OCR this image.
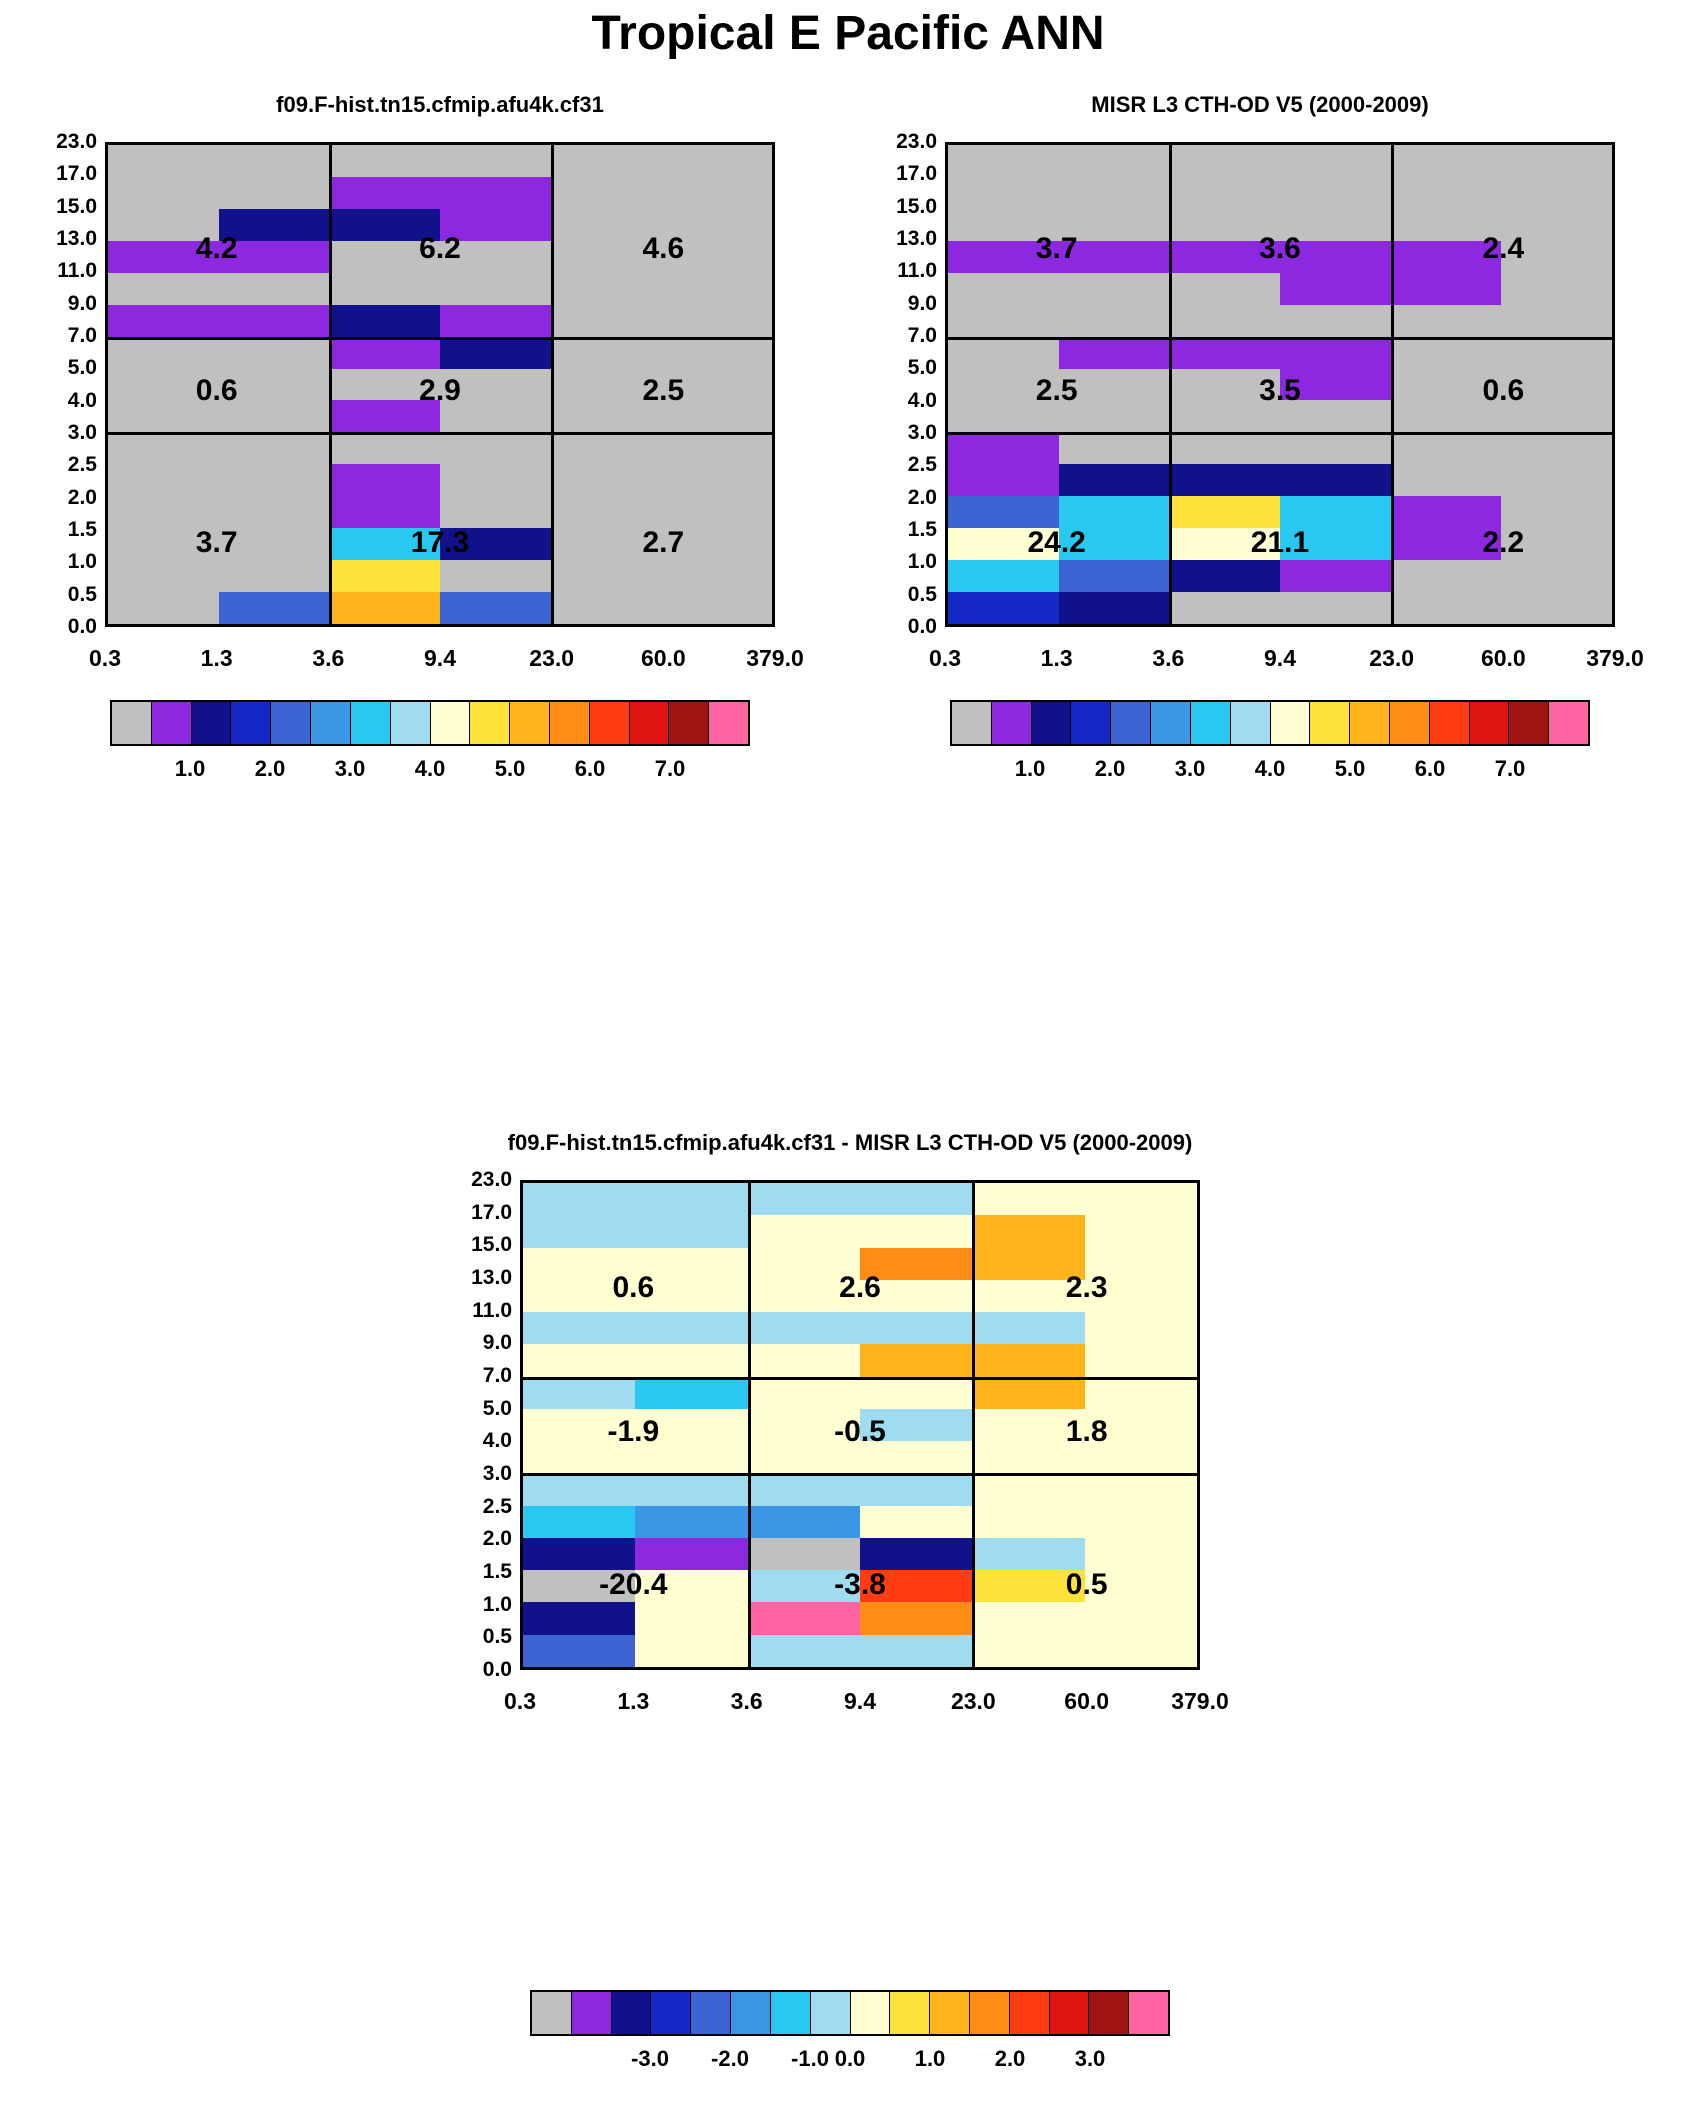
Tropical E Pacific ANN
f09.F-hist.tn15.cfmip.afu4k.cf31
0.0
0.5
1.0
1.5
2.0
2.5
3.0
4.0
5.0
7.0
9.0
11.0
13.0
15.0
17.0
23.0
0.3	1.3	3.6	9.4	23.0	60.0	379.0
4.2	6.2	4.6
0.6	2.9	2.5
3.7	17.3	2.7
1.0 2.0 3.0 4.0 5.0 6.0 7.0
MISR L3 CTH-OD V5 (2000-2009)
0.0
0.5
1.0
1.5
2.0
2.5
3.0
4.0
5.0
7.0
9.0
11.0
13.0
15.0
17.0
23.0
0.3	1.3	3.6	9.4	23.0	60.0	379.0
3.7	3.6	2.4
2.5	3.5	0.6
24.2	21.1	2.2
1.0 2.0 3.0 4.0 5.0 6.0 7.0
f09.F-hist.tn15.cfmip.afu4k.cf31 - MISR L3 CTH-OD V5 (2000-2009)
0.0
0.5
1.0
1.5
2.0
2.5
3.0
4.0
5.0
7.0
9.0
11.0
13.0
15.0
17.0
23.0
0.3	1.3	3.6	9.4	23.0	60.0	379.0
0.6	2.6	2.3
-1.9	-0.5	1.8
-20.4	-3.8	0.5
-3.0 -2.0 -1.0 0.0 1.0 2.0 3.0
